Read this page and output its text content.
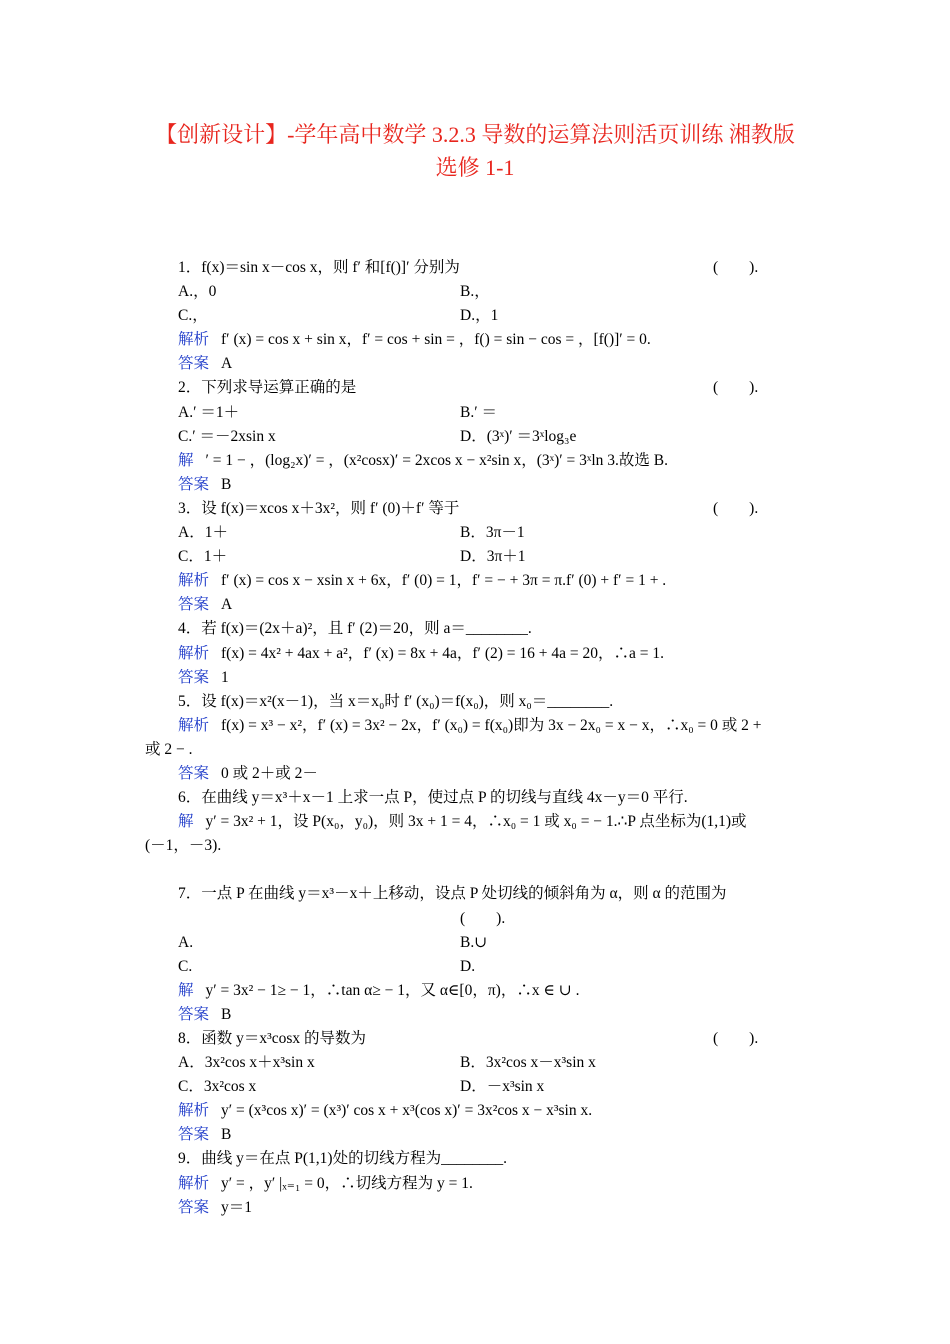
【创新设计】-学年高中数学 3.2.3 导数的运算法则活页训练 湘教版
选修 1-1
1．f(x)＝sin x－cos x，则 f′ 和[f()]′ 分别为	(　　).
A.，0	B.，
C.，	D.，1
解析 f′ (x) = cos x + sin x，f′ = cos + sin = ，f() = sin − cos = ，[f()]′ = 0.
答案 A
2．下列求导运算正确的是	(　　).
A.′ ＝1＋	B.′ ＝
C.′ ＝－2xsin x	D．(3ˣ)′ ＝3ˣlog₃e
解 ′ = 1 − ，(log₂x)′ = ，(x²cosx)′ = 2xcos x − x²sin x，(3ˣ)′ = 3ˣln 3.故选 B.
答案 B
3．设 f(x)＝xcos x＋3x²，则 f′ (0)＋f′ 等于	(　　).
A．1＋	B．3π－1
C．1＋	D．3π＋1
解析 f′ (x) = cos x − xsin x + 6x，f′ (0) = 1，f′ = − + 3π = π.f′ (0) + f′ = 1 + .
答案 A
4．若 f(x)＝(2x＋a)²，且 f′ (2)＝20，则 a＝________.
解析 f(x) = 4x² + 4ax + a²，f′ (x) = 8x + 4a，f′ (2) = 16 + 4a = 20，∴a = 1.
答案 1
5．设 f(x)＝x²(x－1)，当 x＝x₀时 f′ (x₀)＝f(x₀)，则 x₀＝________.
解析 f(x) = x³ − x²，f′ (x) = 3x² − 2x，f′ (x₀) = f(x₀)即为 3x − 2x₀ = x − x，∴x₀ = 0 或 2 +
或 2 − .
答案 0 或 2＋或 2－
6．在曲线 y＝x³＋x－1 上求一点 P，使过点 P 的切线与直线 4x－y＝0 平行.
解 y′ = 3x² + 1，设 P(x₀，y₀)，则 3x + 1 = 4，∴x₀ = 1 或 x₀ = − 1.∴P 点坐标为(1,1)或
(－1，－3).
7．一点 P 在曲线 y＝x³－x＋上移动，设点 P 处切线的倾斜角为 α，则 α 的范围为
(　　).
A.	B.∪
C.	D.
解 y′ = 3x² − 1≥ − 1，∴tan α≥ − 1，又 α∈[0，π)，∴x ∈ ∪ .
答案 B
8．函数 y＝x³cosx 的导数为	(　　).
A．3x²cos x＋x³sin x	B．3x²cos x－x³sin x
C．3x²cos x	D．－x³sin x
解析 y′ = (x³cos x)′ = (x³)′ cos x + x³(cos x)′ = 3x²cos x − x³sin x.
答案 B
9．曲线 y＝在点 P(1,1)处的切线方程为________.
解析 y′ = ，y′ |ₓ₌₁ = 0，∴切线方程为 y = 1.
答案 y＝1
